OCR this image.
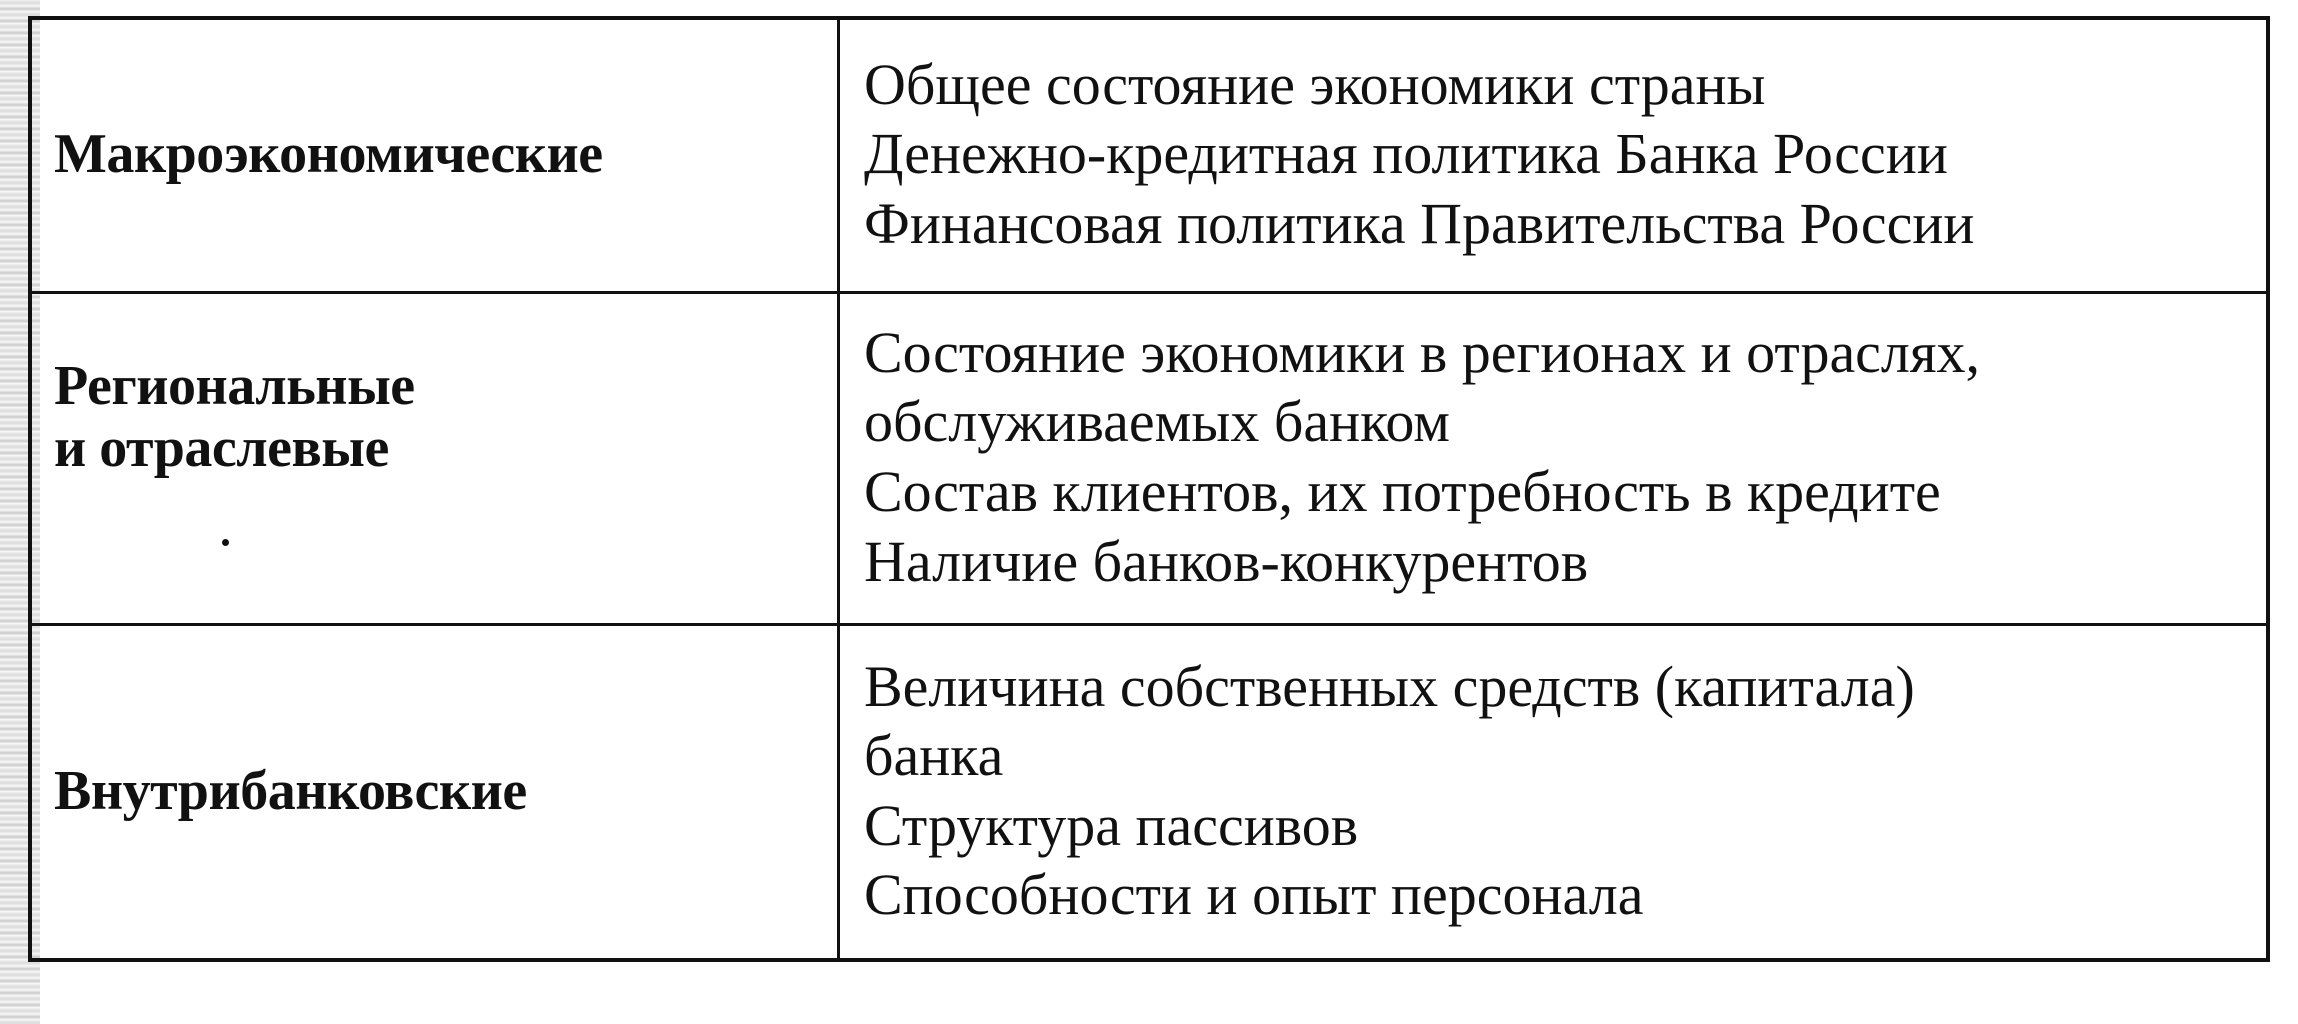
Макроэкономические	Общее состояние экономики страны
Денежно-кредитная политика Банка России
Финансовая политика Правительства России

Региональные
и отраслевые	Состояние экономики в регионах и отраслях,
обслуживаемых банком
Состав клиентов, их потребность в кредите
Наличие банков-конкурентов

Внутрибанковские	Величина собственных средств (капитала)
банка
Структура пассивов
Способности и опыт персонала
